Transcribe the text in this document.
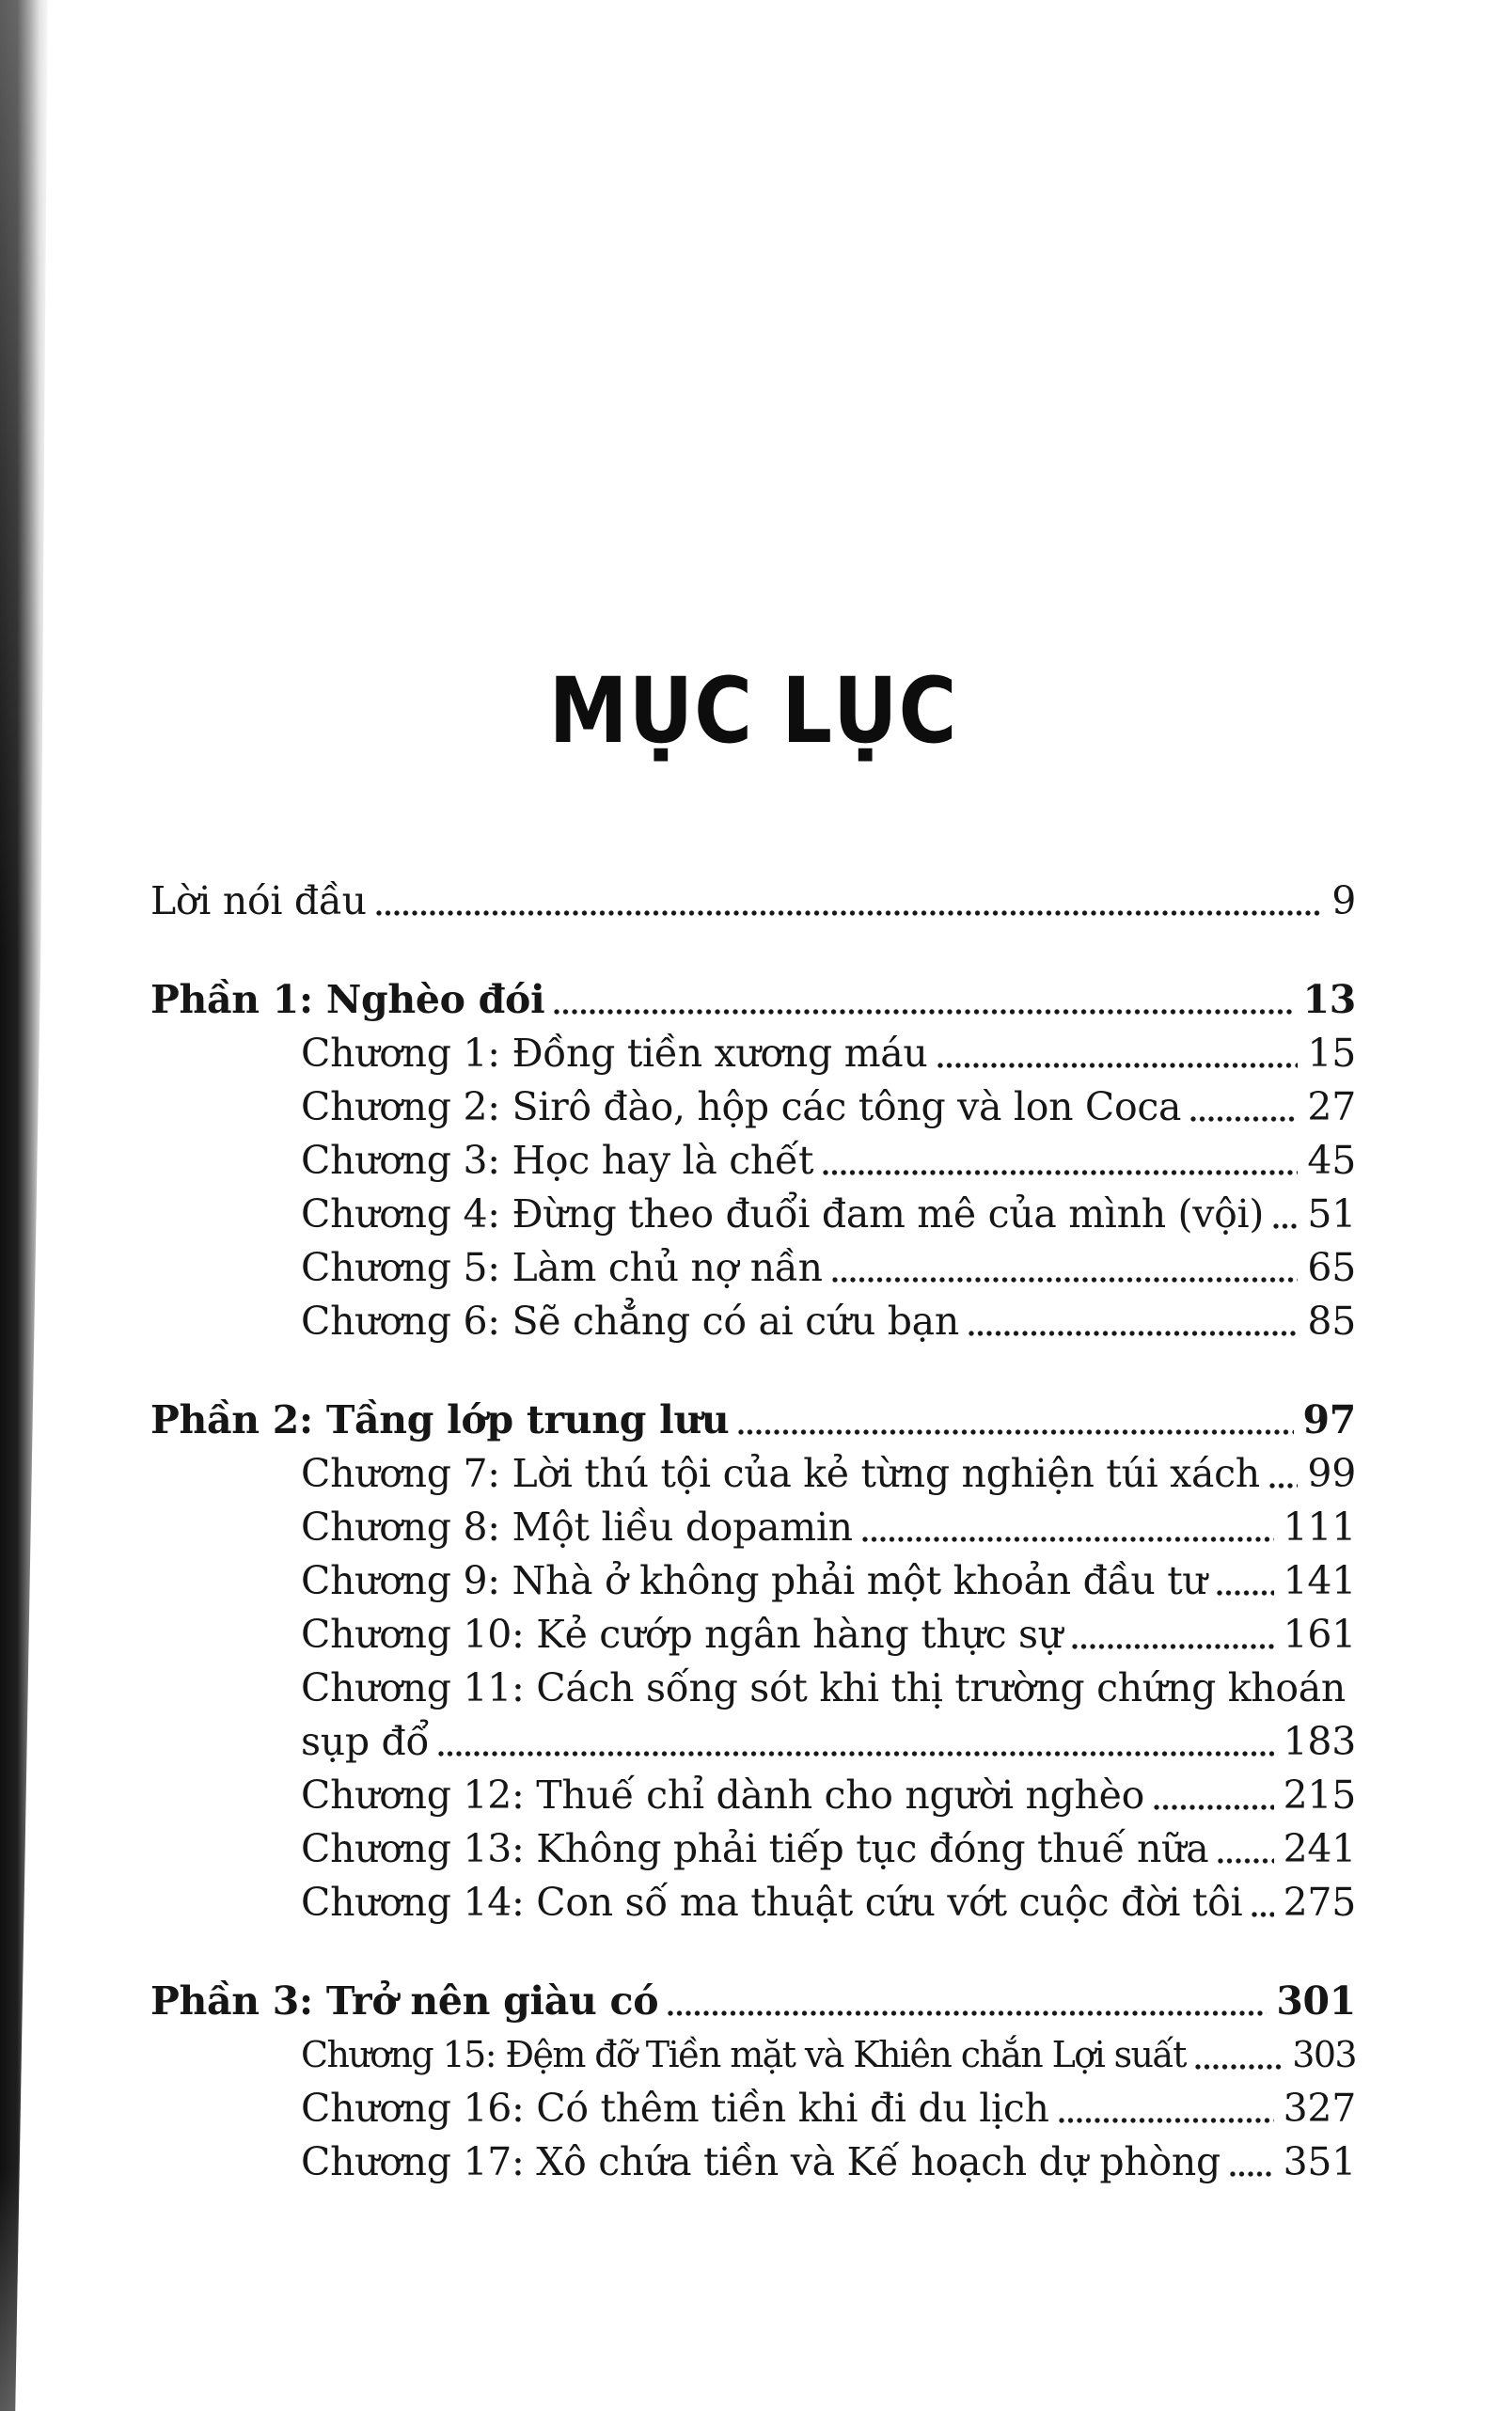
MỤC LỤC
Lời nói đầu	9
Phần 1: Nghèo đói	13
Chương 1: Đồng tiền xương máu	15
Chương 2: Sirô đào, hộp các tông và lon Coca	27
Chương 3: Học hay là chết	45
Chương 4: Đừng theo đuổi đam mê của mình (vội) 51
Chương 5: Làm chủ nợ nần	65
Chương 6: Sẽ chẳng có ai cứu bạn	85
Phần 2: Tầng lớp trung lưu	97
Chương 7: Lời thú tội của kẻ từng nghiện túi xách 99
Chương 8: Một liều dopamin	111
Chương 9: Nhà ở không phải một khoản đầu tư 141
Chương 10: Kẻ cướp ngân hàng thực sự	161
Chương 11: Cách sống sót khi thị trường chứng khoán
sụp đổ	183
Chương 12: Thuế chỉ dành cho người nghèo	215
Chương 13: Không phải tiếp tục đóng thuế nữa 241
Chương 14: Con số ma thuật cứu vớt cuộc đời tôi 275
Phần 3: Trở nên giàu có	301
Chương 15: Đệm đỡ Tiền mặt và Khiên chắn Lợi suất	303
Chương 16: Có thêm tiền khi đi du lịch	327
Chương 17: Xô chứa tiền và Kế hoạch dự phòng 351
